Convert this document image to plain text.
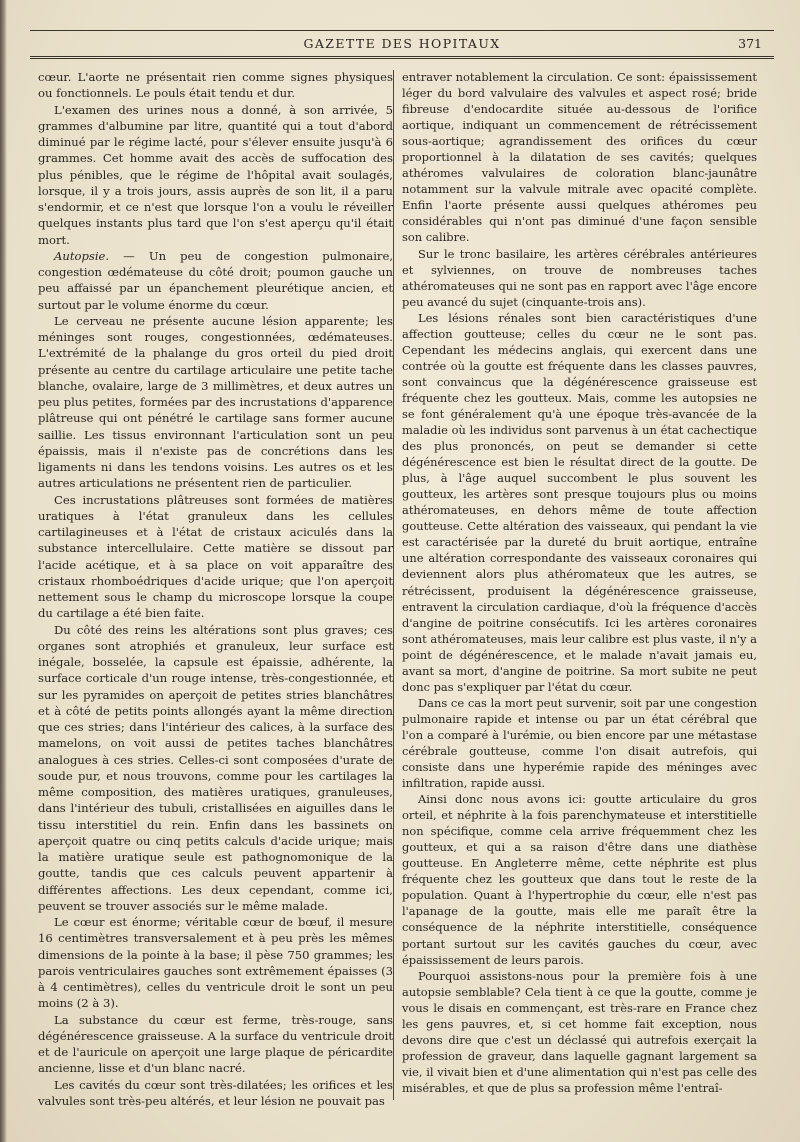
GAZETTE DES HOPITAUX	371

cœur. L'aorte ne présentait rien comme signes physiques ou fonctionnels. Le pouls était tendu et dur.

L'examen des urines nous a donné, à son arrivée, 5 grammes d'albumine par litre, quantité qui a tout d'abord diminué par le régime lacté, pour s'élever ensuite jusqu'à 6 grammes. Cet homme avait des accès de suffocation des plus pénibles, que le régime de l'hôpital avait soulagés, lorsque, il y a trois jours, assis auprès de son lit, il a paru s'endormir, et ce n'est que lorsque l'on a voulu le réveiller quelques instants plus tard que l'on s'est aperçu qu'il était mort.

Autopsie. — Un peu de congestion pulmonaire, congestion œdémateuse du côté droit; poumon gauche un peu affaissé par un épanchement pleurétique ancien, et surtout par le volume énorme du cœur.

Le cerveau ne présente aucune lésion apparente; les méninges sont rouges, congestionnées, œdémateuses. L'extrémité de la phalange du gros orteil du pied droit présente au centre du cartilage articulaire une petite tache blanche, ovalaire, large de 3 millimètres, et deux autres un peu plus petites, formées par des incrustations d'apparence plâtreuse qui ont pénétré le cartilage sans former aucune saillie. Les tissus environnant l'articulation sont un peu épaissis, mais il n'existe pas de concrétions dans les ligaments ni dans les tendons voisins. Les autres os et les autres articulations ne présentent rien de particulier.

Ces incrustations plâtreuses sont formées de matières uratiques à l'état granuleux dans les cellules cartilagineuses et à l'état de cristaux aciculés dans la substance intercellulaire. Cette matière se dissout par l'acide acétique, et à sa place on voit apparaître des cristaux rhomboédriques d'acide urique; que l'on aperçoit nettement sous le champ du microscope lorsque la coupe du cartilage a été bien faite.

Du côté des reins les altérations sont plus graves; ces organes sont atrophiés et granuleux, leur surface est inégale, bosselée, la capsule est épaissie, adhérente, la surface corticale d'un rouge intense, très-congestionnée, et sur les pyramides on aperçoit de petites stries blanchâtres et à côté de petits points allongés ayant la même direction que ces stries; dans l'intérieur des calices, à la surface des mamelons, on voit aussi de petites taches blanchâtres analogues à ces stries. Celles-ci sont composées d'urate de soude pur, et nous trouvons, comme pour les cartilages la même composition, des matières uratiques, granuleuses, dans l'intérieur des tubuli, cristallisées en aiguilles dans le tissu interstitiel du rein. Enfin dans les bassinets on aperçoit quatre ou cinq petits calculs d'acide urique; mais la matière uratique seule est pathognomonique de la goutte, tandis que ces calculs peuvent appartenir à différentes affections. Les deux cependant, comme ici, peuvent se trouver associés sur le même malade.

Le cœur est énorme; véritable cœur de bœuf, il mesure 16 centimètres transversalement et à peu près les mêmes dimensions de la pointe à la base; il pèse 750 grammes; les parois ventriculaires gauches sont extrêmement épaisses (3 à 4 centimètres), celles du ventricule droit le sont un peu moins (2 à 3).

La substance du cœur est ferme, très-rouge, sans dégénérescence graisseuse. A la surface du ventricule droit et de l'auricule on aperçoit une large plaque de péricardite ancienne, lisse et d'un blanc nacré.

Les cavités du cœur sont très-dilatées; les orifices et les valvules sont très-peu altérés, et leur lésion ne pouvait pas

entraver notablement la circulation. Ce sont: épaississement léger du bord valvulaire des valvules et aspect rosé; bride fibreuse d'endocardite située au-dessous de l'orifice aortique, indiquant un commencement de rétrécissement sous-aortique; agrandissement des orifices du cœur proportionnel à la dilatation de ses cavités; quelques athéromes valvulaires de coloration blanc-jaunâtre notamment sur la valvule mitrale avec opacité complète. Enfin l'aorte présente aussi quelques athéromes peu considérables qui n'ont pas diminué d'une façon sensible son calibre.

Sur le tronc basilaire, les artères cérébrales antérieures et sylviennes, on trouve de nombreuses taches athéromateuses qui ne sont pas en rapport avec l'âge encore peu avancé du sujet (cinquante-trois ans).

Les lésions rénales sont bien caractéristiques d'une affection goutteuse; celles du cœur ne le sont pas. Cependant les médecins anglais, qui exercent dans une contrée où la goutte est fréquente dans les classes pauvres, sont convaincus que la dégénérescence graisseuse est fréquente chez les goutteux. Mais, comme les autopsies ne se font généralement qu'à une époque très-avancée de la maladie où les individus sont parvenus à un état cachectique des plus prononcés, on peut se demander si cette dégénérescence est bien le résultat direct de la goutte. De plus, à l'âge auquel succombent le plus souvent les goutteux, les artères sont presque toujours plus ou moins athéromateuses, en dehors même de toute affection goutteuse. Cette altération des vaisseaux, qui pendant la vie est caractérisée par la dureté du bruit aortique, entraîne une altération correspondante des vaisseaux coronaires qui deviennent alors plus athéromateux que les autres, se rétrécissent, produisent la dégénérescence graisseuse, entravent la circulation cardiaque, d'où la fréquence d'accès d'angine de poitrine consécutifs. Ici les artères coronaires sont athéromateuses, mais leur calibre est plus vaste, il n'y a point de dégénérescence, et le malade n'avait jamais eu, avant sa mort, d'angine de poitrine. Sa mort subite ne peut donc pas s'expliquer par l'état du cœur.

Dans ce cas la mort peut survenir, soit par une congestion pulmonaire rapide et intense ou par un état cérébral que l'on a comparé à l'urémie, ou bien encore par une métastase cérébrale goutteuse, comme l'on disait autrefois, qui consiste dans une hyperémie rapide des méninges avec infiltration, rapide aussi.

Ainsi donc nous avons ici: goutte articulaire du gros orteil, et néphrite à la fois parenchymateuse et interstitielle non spécifique, comme cela arrive fréquemment chez les goutteux, et qui a sa raison d'être dans une diathèse goutteuse. En Angleterre même, cette néphrite est plus fréquente chez les goutteux que dans tout le reste de la population. Quant à l'hypertrophie du cœur, elle n'est pas l'apanage de la goutte, mais elle me paraît être la conséquence de la néphrite interstitielle, conséquence portant surtout sur les cavités gauches du cœur, avec épaississement de leurs parois.

Pourquoi assistons-nous pour la première fois à une autopsie semblable? Cela tient à ce que la goutte, comme je vous le disais en commençant, est très-rare en France chez les gens pauvres, et, si cet homme fait exception, nous devons dire que c'est un déclassé qui autrefois exerçait la profession de graveur, dans laquelle gagnant largement sa vie, il vivait bien et d'une alimentation qui n'est pas celle des misérables, et que de plus sa profession même l'entraî-
